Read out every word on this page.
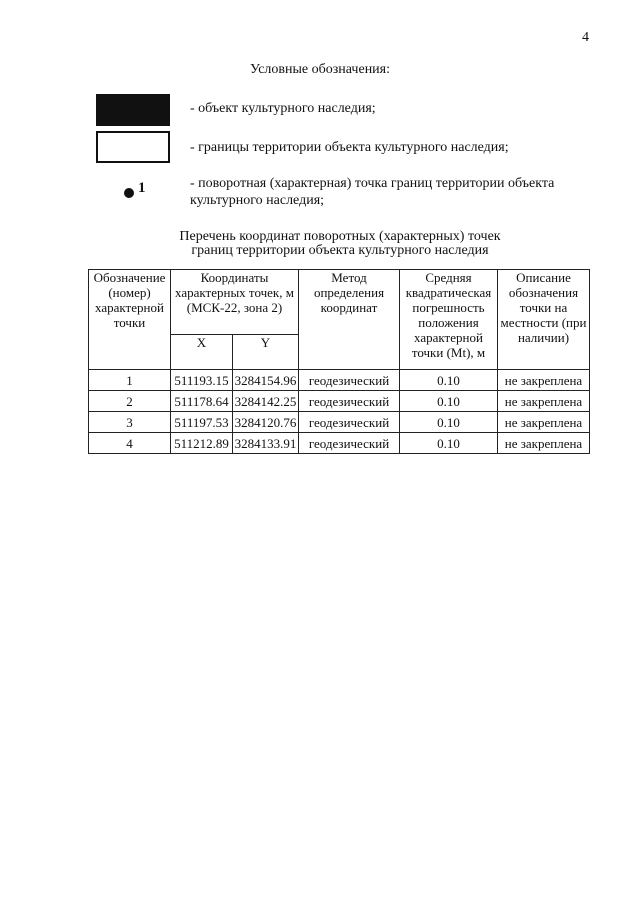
4
Условные обозначения:
- объект культурного наследия;
- границы территории объекта культурного наследия;
1	- поворотная (характерная) точка границ территории объекта культурного наследия;
Перечень координат поворотных (характерных) точек
границ территории объекта культурного наследия
Обозначение (номер) характерной точки	Координаты характерных точек, м (МСК-22, зона 2)		Метод определения координат	Средняя квадратическая погрешность положения характерной точки (Mt), м	Описание обозначения точки на местности (при наличии)
	X	Y			
1	511193.15	3284154.96	геодезический	0.10	не закреплена
2	511178.64	3284142.25	геодезический	0.10	не закреплена
3	511197.53	3284120.76	геодезический	0.10	не закреплена
4	511212.89	3284133.91	геодезический	0.10	не закреплена
